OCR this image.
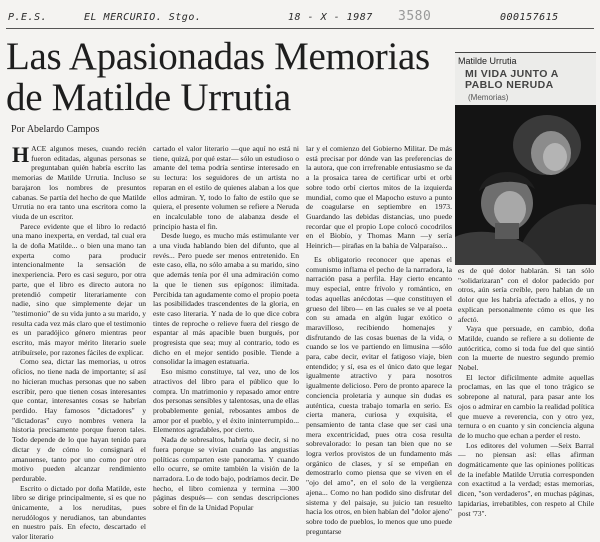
P.E.S.	EL MERCURIO. Stgo.	18 - X - 1987 3580	000157615
Las Apasionadas Memorias de Matilde Urrutia
Por Abelardo Campos

HACE algunos meses, cuando recién fueron editadas, algunas personas se preguntaban quién habría escrito las memorias de Matilde Urrutia. Incluso se barajaron los nombres de presuntos cabanas. Se partía del hecho de que Matilde Urrutia no era tanto una escritora como la viuda de un escritor.

Parece evidente que el libro lo redactó una mano inexperta, en verdad, tal cual era la de doña Matilde... o bien una mano tan experta como para producir intencionalmente la sensación de inexperiencia. Pero es casi seguro, por otra parte, que el libro es directo autora no pretendió competir literariamente con nadie, sino que simplemente dejar un "testimonio" de su vida junto a su marido, y resulta cada vez más claro que el testimonio es un paradójico género mientras peor escrito, más mayor mérito literario suele atribuírsele, por razones fáciles de explicar.

Como sea, dictar las memorias, u otros oficios, no tiene nada de importante; sí así no hicieran muchas personas que no saben escribir, pero que tienen cosas interesantes que contar, interesantes cosas se habrían perdido. Hay famosos "dictadores" y "dictadoras" cuyo nombres venera la historia precisamente porque fueron tales. Todo depende de lo que hayan tenido para dictar y de cómo lo consignará el amanuense, tanto por uno como por otro motivo pueden alcanzar rendimiento perdurable.

Escrito o dictado por doña Matilde, este libro se dirige principalmente, sí es que no únicamente, a los neruditas, pues nerudólogos y nerudianos, tan abundantes en nuestro país. En efecto, descartado el valor literario

cartado el valor literario —que aquí no está ni tiene, quizá, por qué estar— sólo un estudioso o amante del tema podría sentirse interesado en su lectura: los seguidores de un artista no reparan en el estilo de quienes alaban a los que ellos admiran. Y, todo lo falto de estilo que se quiera, el presente volumen se refiere a Neruda en incalculable tono de alabanza desde el principio hasta el fin.

Desde luego, es mucho más estimulante ver a una viuda hablando bien del difunto, que al revés... Pero puede ser menos entretenido. En este caso, ella, no sólo amaba a su marido, sino que además tenía por él una admiración como la que le tienen sus epígonos: ilimitada. Percibida tan agudamente como el propio poeta las posibilidades trascendentes de la gloria, en este caso literaria. Y nada de lo que dice cobra tintes de reproche o relieve fuera del riesgo de espantar al más apacible buen burgués, por progresista que sea; muy al contrario, todo es dicho en el mejor sentido posible. Tiende a consolidar la imagen estatuaria.

Eso mismo constituye, tal vez, uno de los atractivos del libro para el público que lo compra. Un matrimonio y repasado amor entre dos personas sensibles y talentosas, una de ellas probablemente genial, rebosantes ambos de amor por el pueblo, y el éxito ininterrumpido... Elementos agradables, por cierto.

Nada de sobresaltos, habría que decir, si no fuera porque se vivían cuando las angustias políticas comparten este panorama. Y cuando ello ocurre, se omite también la visión de la narradora. Lo de todo bajo, podríamos decir. De hecho, el libro comienza y termina —300 páginas después— con sendas descripciones sobre el fin de la Unidad Popular

lar y el comienzo del Gobierno Militar. De más está precisar por dónde van las preferencias de la autora, que con irrefrenable entusiasmo se da a la prosaica tarea de certificar urbi et orbi sobre todo orbí ciertos mitos de la izquierda mundial, como que el Mapocho estuvo a punto de coagularse en septiembre en 1973. Guardando las debidas distancias, uno puede recordar que el propio Lope colocó cocodrilos en el Biobío, y Thomas Mann —y sería Heinrich— pirañas en la bahía de Valparaíso...

Es obligatorio reconocer que apenas el comunismo inflama el pecho de la narradora, la narración pasa a perfila. Hay cierto encanto muy especial, entre frívolo y romántico, en todas aquellas anécdotas —que constituyen el grueso del libro— en las cuales se ve al poeta con su amada en algún lugar exótico o maravilloso, recibiendo homenajes y disfrutando de las cosas buenas de la vida, o cuando se los ve partiendo en limusina —sólo para, cabe decir, evitar el fatigoso viaje, bien entendido; y sí, esa es el único dato que legar igualmente atractivo y para nosotros igualmente delicioso. Pero de pronto aparece la conciencia proletaria y aunque sin dudas es auténtica, cuesta trabajo tomarla en serio. Es cierta manera, curiosa y exquisita, el pensamiento de tanta clase que ser casi una mera excentricidad, pues otra cosa resulta sobrevalorado: lo pesan tan bien que no se logra verlos provistos de un fundamento más orgánico de clases, y sí se empeñan en demostrarlo como piensa que se viven en el "ojo del amo", en el solo de la vergüenza ajena... Como no han podido sino disfrutar del sistema y del paisaje, su juicio tan resuelto hacia los otros, en bien habían del "dolor ajeno" sobre todo de pueblos, lo menos que uno puede preguntarse

Matilde Urrutia
MI VIDA JUNTO A
PABLO NERUDA
(Memorias)

es de qué dolor hablarán. Si tan sólo "solidarizaran" con el dolor padecido por otros, aún sería creíble, pero hablan de un dolor que les habría afectado a ellos, y no explican personalmente cómo es que les afectó.

Vaya que persuade, en cambio, doña Matilde, cuando se refiere a su doliente de autócritica, como si toda fue del que sintió con la muerte de nuestro segundo premio Nobel.

El lector difícilmente admite aquellas proclamas, en las que el tono trágico se sobrepone al natural, para pasar ante los ojos o admirar en cambio la realidad política que mueve a reverencia, con y otro yez, ternura o en cuanto y sin conciencia alguna de lo mucho que echan a perder el resto.

Los editores del volumen —Seix Barral— no piensan así: ellas afirman dogmáticamente que las opiniones políticas de la inefable Matilde Urrutia corresponden con exactitud a la verdad; estas memorias, dicen, "son verdaderos", en muchas páginas, lapidarias, irrebatibles, con respeto al Chile post '73".
